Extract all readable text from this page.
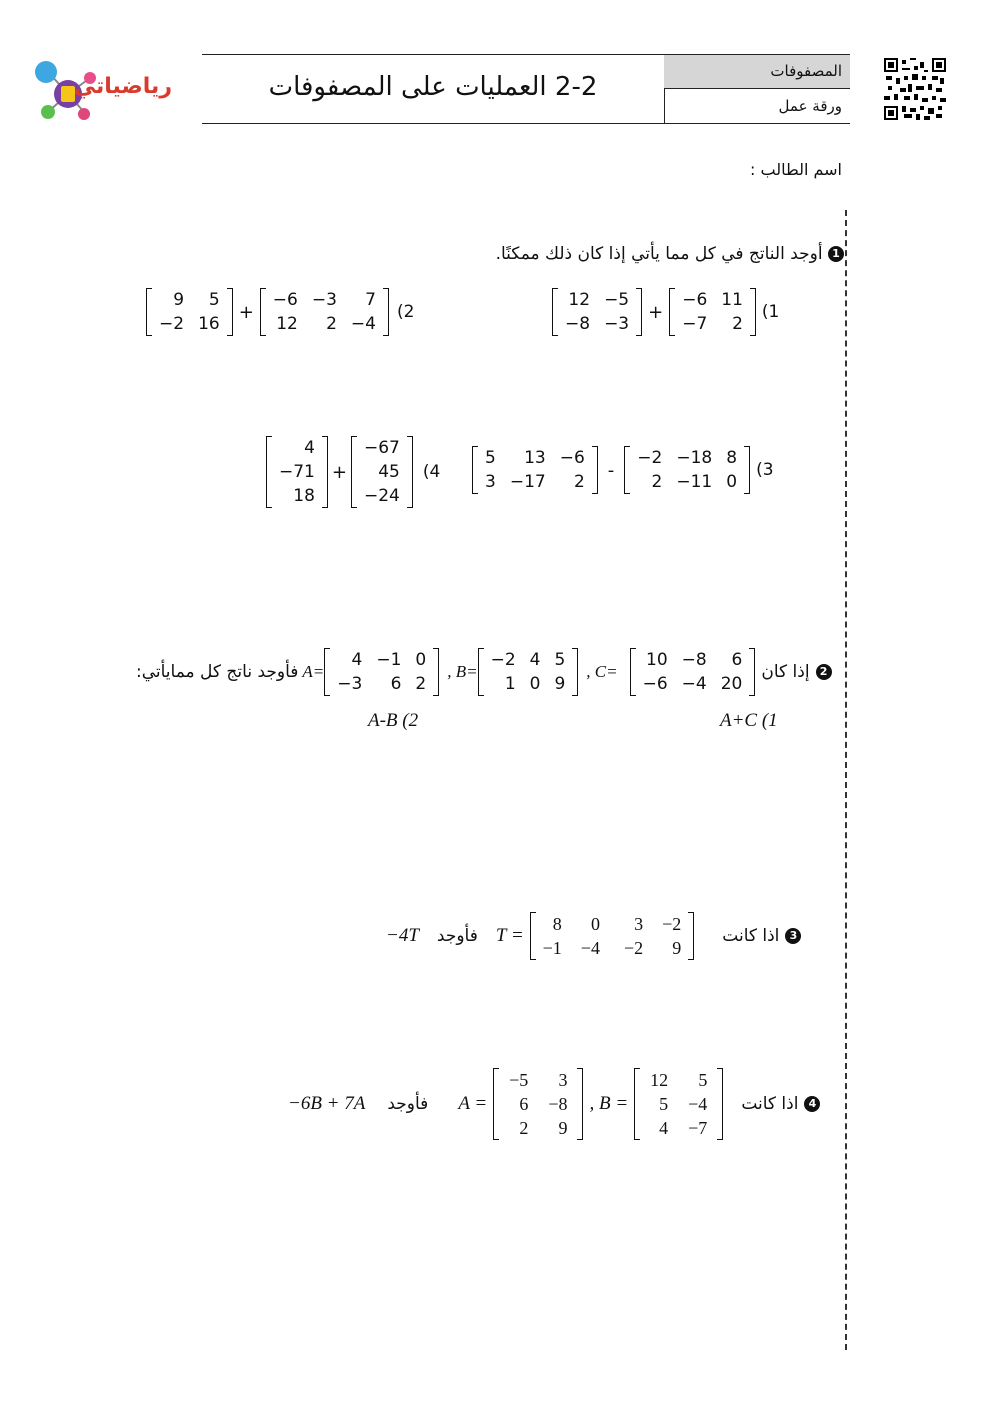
رياضياتي	2-2 العمليات على المصفوفات
المصفوفات
ورقة عمل
اسم الطالب :
1 أوجد الناتج في كل مما يأتي إذا كان ذلك ممكنًا.
12	−5
−8	−3
+
−6	11
−7	2
(1
9	5
−2	16
+
−6	−3	7
12	2	−4
(2
5	13	−6
3	−17	2
-
−2	−18	8
2	−11	0
(3
4
−71
18
+
−67
45
−24
(4
فأوجد ناتج كل ممايأتي: A=
4	−1	0
−3	6	2
, B=
−2	4	5
1	0	9
, C=
10	−8	6
−6	−4	20
إذا كان 2
A+C (1
A-B (2
−4T فأوجد T =
8	0	3	−2
−1	−4	−2	9
اذا كانت 3
−6B + 7A فأوجد A =
−5	3
6	−8
2	9
, B =
12	5
5	−4
4	−7
اذا كانت 4
